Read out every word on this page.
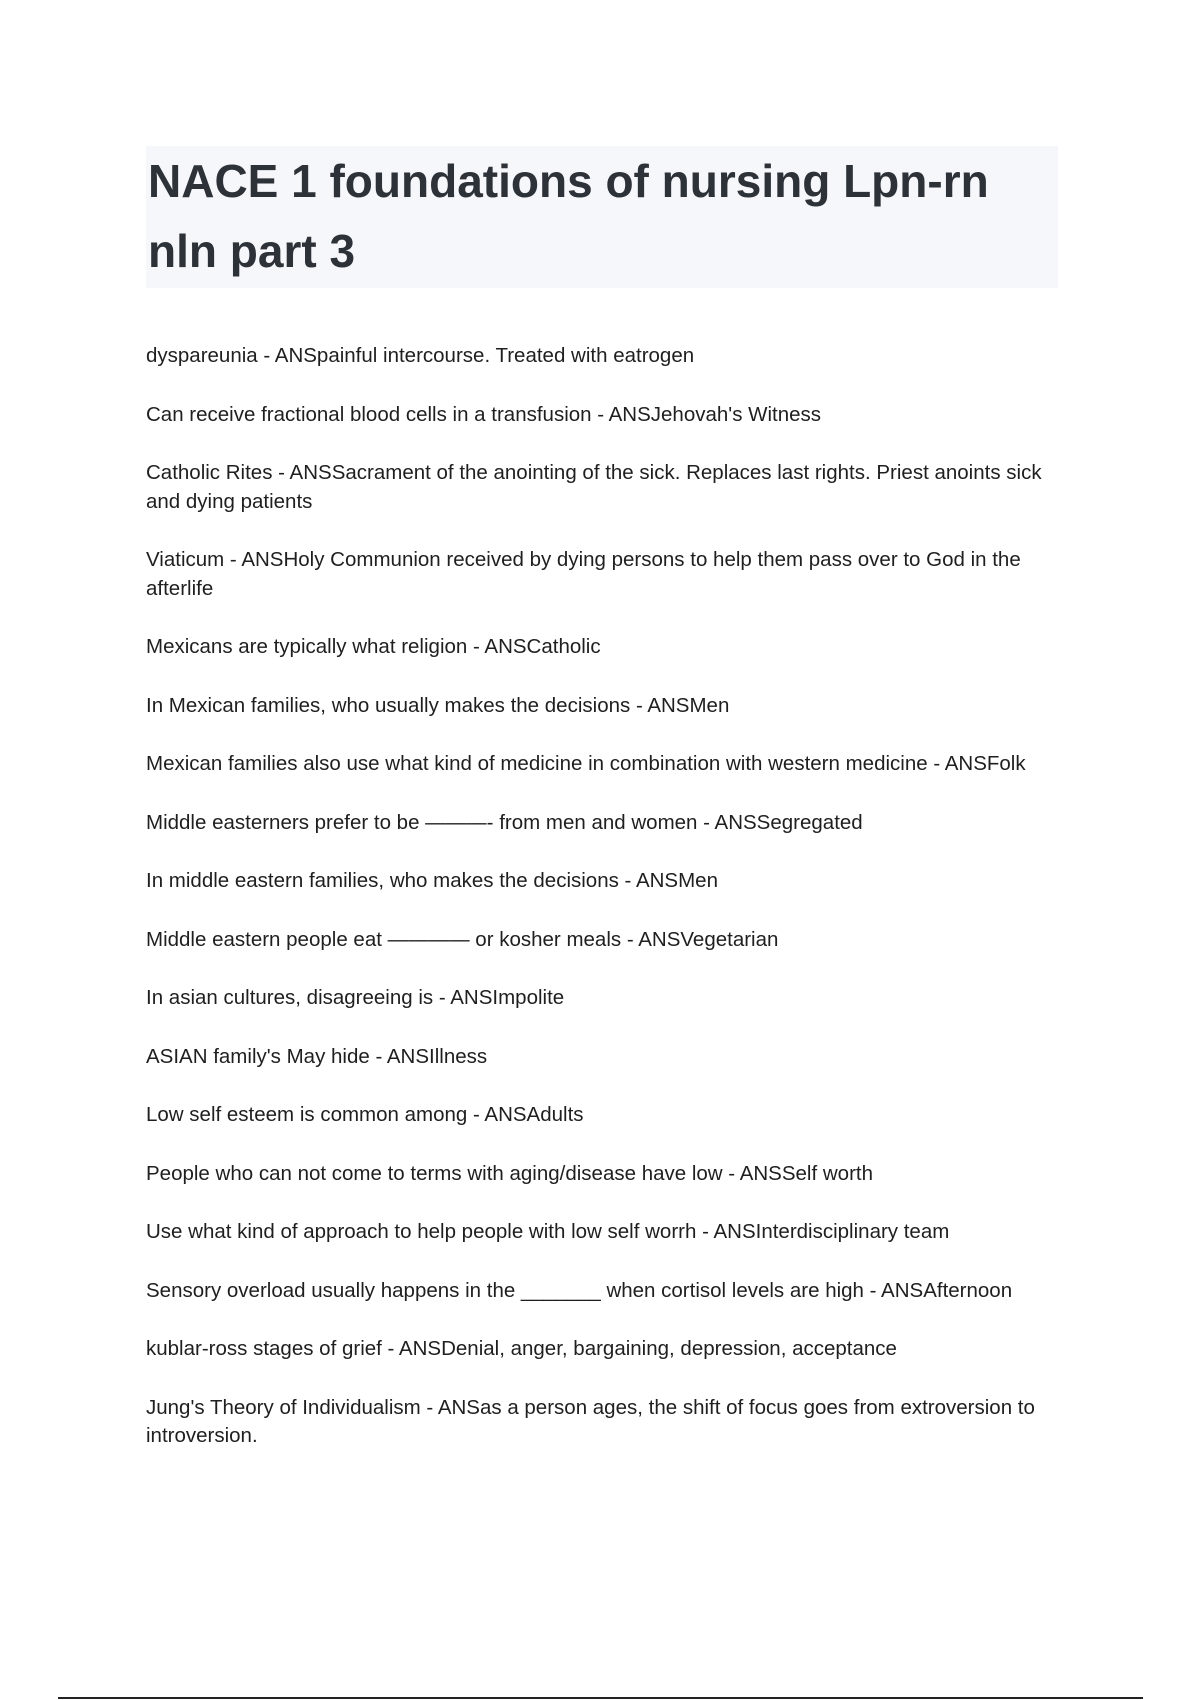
NACE 1 foundations of nursing Lpn-rn nln part 3
dyspareunia - ANSpainful intercourse. Treated with eatrogen
Can receive fractional blood cells in a transfusion - ANSJehovah's Witness
Catholic Rites - ANSSacrament of the anointing of the sick. Replaces last rights. Priest anoints sick and dying patients
Viaticum - ANSHoly Communion received by dying persons to help them pass over to God in the afterlife
Mexicans are typically what religion - ANSCatholic
In Mexican families, who usually makes the decisions - ANSMen
Mexican families also use what kind of medicine in combination with western medicine - ANSFolk
Middle easterners prefer to be ———- from men and women - ANSSegregated
In middle eastern families, who makes the decisions - ANSMen
Middle eastern people eat ———— or kosher meals - ANSVegetarian
In asian cultures, disagreeing is - ANSImpolite
ASIAN family's May hide - ANSIllness
Low self esteem is common among - ANSAdults
People who can not come to terms with aging/disease have low - ANSSelf worth
Use what kind of approach to help people with low self worrh - ANSInterdisciplinary team
Sensory overload usually happens in the _______ when cortisol levels are high - ANSAfternoon
kublar-ross stages of grief - ANSDenial, anger, bargaining, depression, acceptance
Jung's Theory of Individualism - ANSas a person ages, the shift of focus goes from extroversion to introversion.
